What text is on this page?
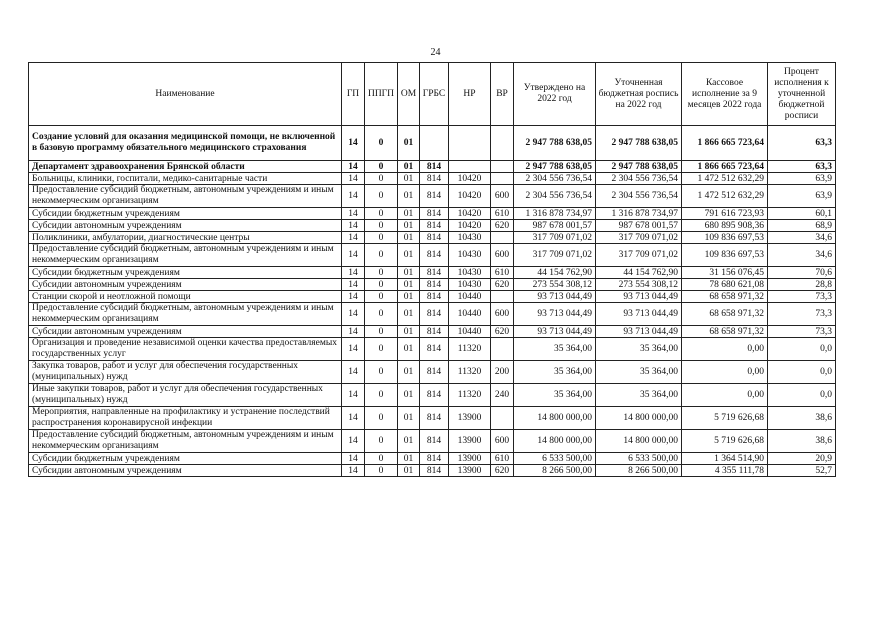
24
Наименование	ГП	ППГП	ОМ	ГРБС	НР	ВР	Утверждено на 2022 год	Уточненная бюджетная роспись на 2022 год	Кассовое исполнение за 9 месяцев 2022 года	Процент исполнения к уточненной бюджетной росписи
Создание условий для оказания медицинской помощи, не включенной в базовую программу обязательного медицинского страхования	14	0	01				2 947 788 638,05	2 947 788 638,05	1 866 665 723,64	63,3
Департамент здравоохранения Брянской области	14	0	01	814			2 947 788 638,05	2 947 788 638,05	1 866 665 723,64	63,3
Больницы, клиники, госпитали, медико-санитарные части	14	0	01	814	10420		2 304 556 736,54	2 304 556 736,54	1 472 512 632,29	63,9
Предоставление субсидий бюджетным, автономным учреждениям и иным некоммерческим организациям	14	0	01	814	10420	600	2 304 556 736,54	2 304 556 736,54	1 472 512 632,29	63,9
Субсидии бюджетным учреждениям	14	0	01	814	10420	610	1 316 878 734,97	1 316 878 734,97	791 616 723,93	60,1
Субсидии автономным учреждениям	14	0	01	814	10420	620	987 678 001,57	987 678 001,57	680 895 908,36	68,9
Поликлиники, амбулатории, диагностические центры	14	0	01	814	10430		317 709 071,02	317 709 071,02	109 836 697,53	34,6
Предоставление субсидий бюджетным, автономным учреждениям и иным некоммерческим организациям	14	0	01	814	10430	600	317 709 071,02	317 709 071,02	109 836 697,53	34,6
Субсидии бюджетным учреждениям	14	0	01	814	10430	610	44 154 762,90	44 154 762,90	31 156 076,45	70,6
Субсидии автономным учреждениям	14	0	01	814	10430	620	273 554 308,12	273 554 308,12	78 680 621,08	28,8
Станции скорой и неотложной помощи	14	0	01	814	10440		93 713 044,49	93 713 044,49	68 658 971,32	73,3
Предоставление субсидий бюджетным, автономным учреждениям и иным некоммерческим организациям	14	0	01	814	10440	600	93 713 044,49	93 713 044,49	68 658 971,32	73,3
Субсидии автономным учреждениям	14	0	01	814	10440	620	93 713 044,49	93 713 044,49	68 658 971,32	73,3
Организация и проведение независимой оценки качества предоставляемых государственных услуг	14	0	01	814	11320		35 364,00	35 364,00	0,00	0,0
Закупка товаров, работ и услуг для обеспечения государственных (муниципальных) нужд	14	0	01	814	11320	200	35 364,00	35 364,00	0,00	0,0
Иные закупки товаров, работ и услуг для обеспечения государственных (муниципальных) нужд	14	0	01	814	11320	240	35 364,00	35 364,00	0,00	0,0
Мероприятия, направленные на профилактику и устранение последствий распространения коронавирусной инфекции	14	0	01	814	13900		14 800 000,00	14 800 000,00	5 719 626,68	38,6
Предоставление субсидий бюджетным, автономным учреждениям и иным некоммерческим организациям	14	0	01	814	13900	600	14 800 000,00	14 800 000,00	5 719 626,68	38,6
Субсидии бюджетным учреждениям	14	0	01	814	13900	610	6 533 500,00	6 533 500,00	1 364 514,90	20,9
Субсидии автономным учреждениям	14	0	01	814	13900	620	8 266 500,00	8 266 500,00	4 355 111,78	52,7
